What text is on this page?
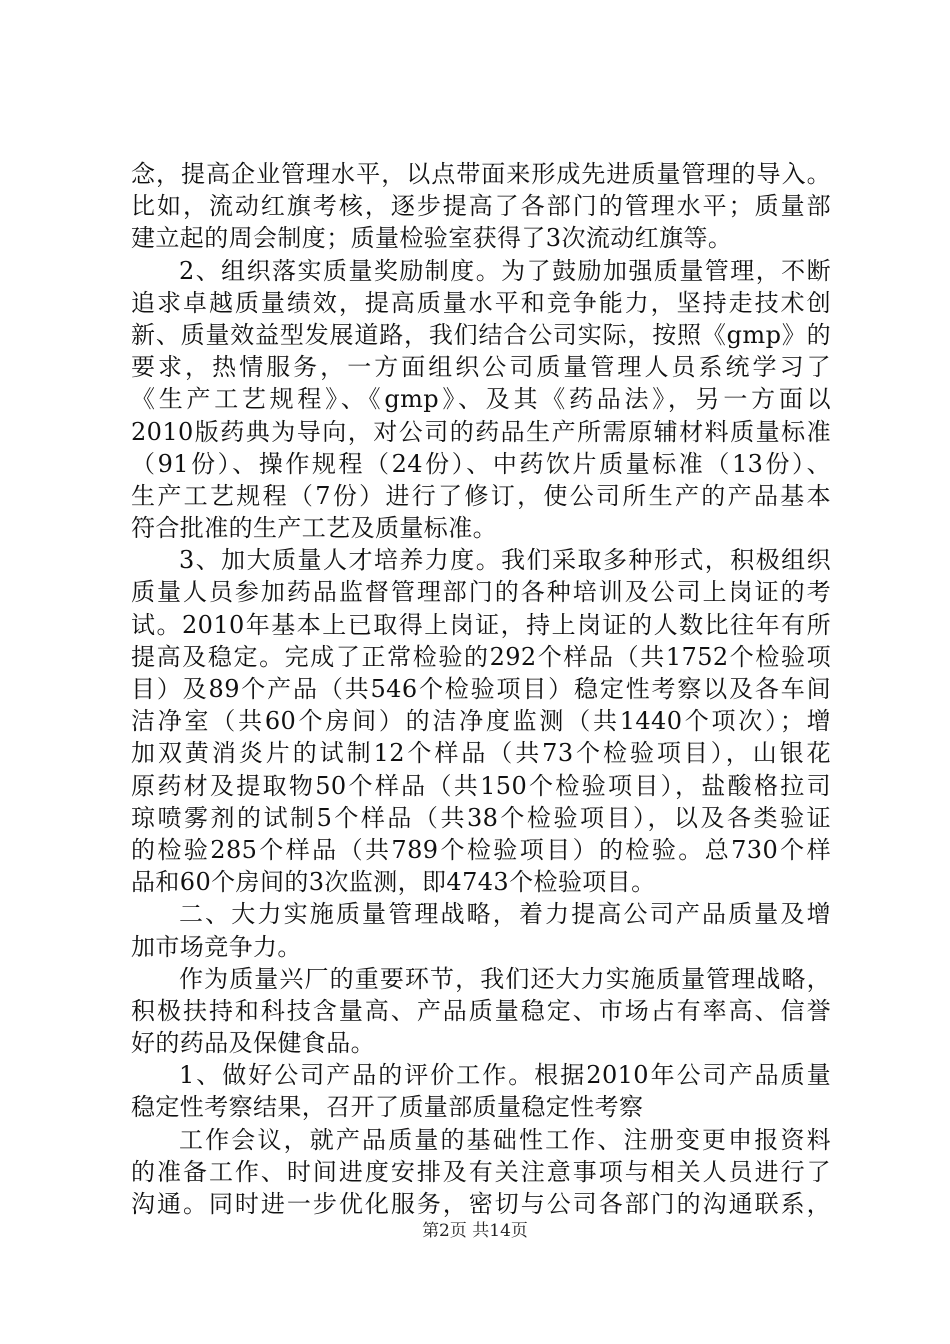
念，提高企业管理水平，以点带面来形成先进质量管理的导入。
比如，流动红旗考核，逐步提高了各部门的管理水平；质量部
建立起的周会制度；质量检验室获得了3次流动红旗等。
2、组织落实质量奖励制度。为了鼓励加强质量管理，不断
追求卓越质量绩效，提高质量水平和竞争能力，坚持走技术创
新、质量效益型发展道路，我们结合公司实际，按照《gmp》的
要求，热情服务，一方面组织公司质量管理人员系统学习了
《生产工艺规程》、《gmp》、及其《药品法》，另一方面以
2010版药典为导向，对公司的药品生产所需原辅材料质量标准
（91份）、操作规程（24份）、中药饮片质量标准（13份）、
生产工艺规程（7份）进行了修订，使公司所生产的产品基本
符合批准的生产工艺及质量标准。
3、加大质量人才培养力度。我们采取多种形式，积极组织
质量人员参加药品监督管理部门的各种培训及公司上岗证的考
试。2010年基本上已取得上岗证，持上岗证的人数比往年有所
提高及稳定。完成了正常检验的292个样品（共1752个检验项
目）及89个产品（共546个检验项目）稳定性考察以及各车间
洁净室（共60个房间）的洁净度监测（共1440个项次）；增
加双黄消炎片的试制12个样品（共73个检验项目），山银花
原药材及提取物50个样品（共150个检验项目），盐酸格拉司
琼喷雾剂的试制5个样品（共38个检验项目），以及各类验证
的检验285个样品（共789个检验项目）的检验。总730个样
品和60个房间的3次监测，即4743个检验项目。
二、大力实施质量管理战略，着力提高公司产品质量及增
加市场竞争力。
作为质量兴厂的重要环节，我们还大力实施质量管理战略，
积极扶持和科技含量高、产品质量稳定、市场占有率高、信誉
好的药品及保健食品。
1、做好公司产品的评价工作。根据2010年公司产品质量
稳定性考察结果，召开了质量部质量稳定性考察
工作会议，就产品质量的基础性工作、注册变更申报资料
的准备工作、时间进度安排及有关注意事项与相关人员进行了
沟通。同时进一步优化服务，密切与公司各部门的沟通联系，
第2页 共14页
